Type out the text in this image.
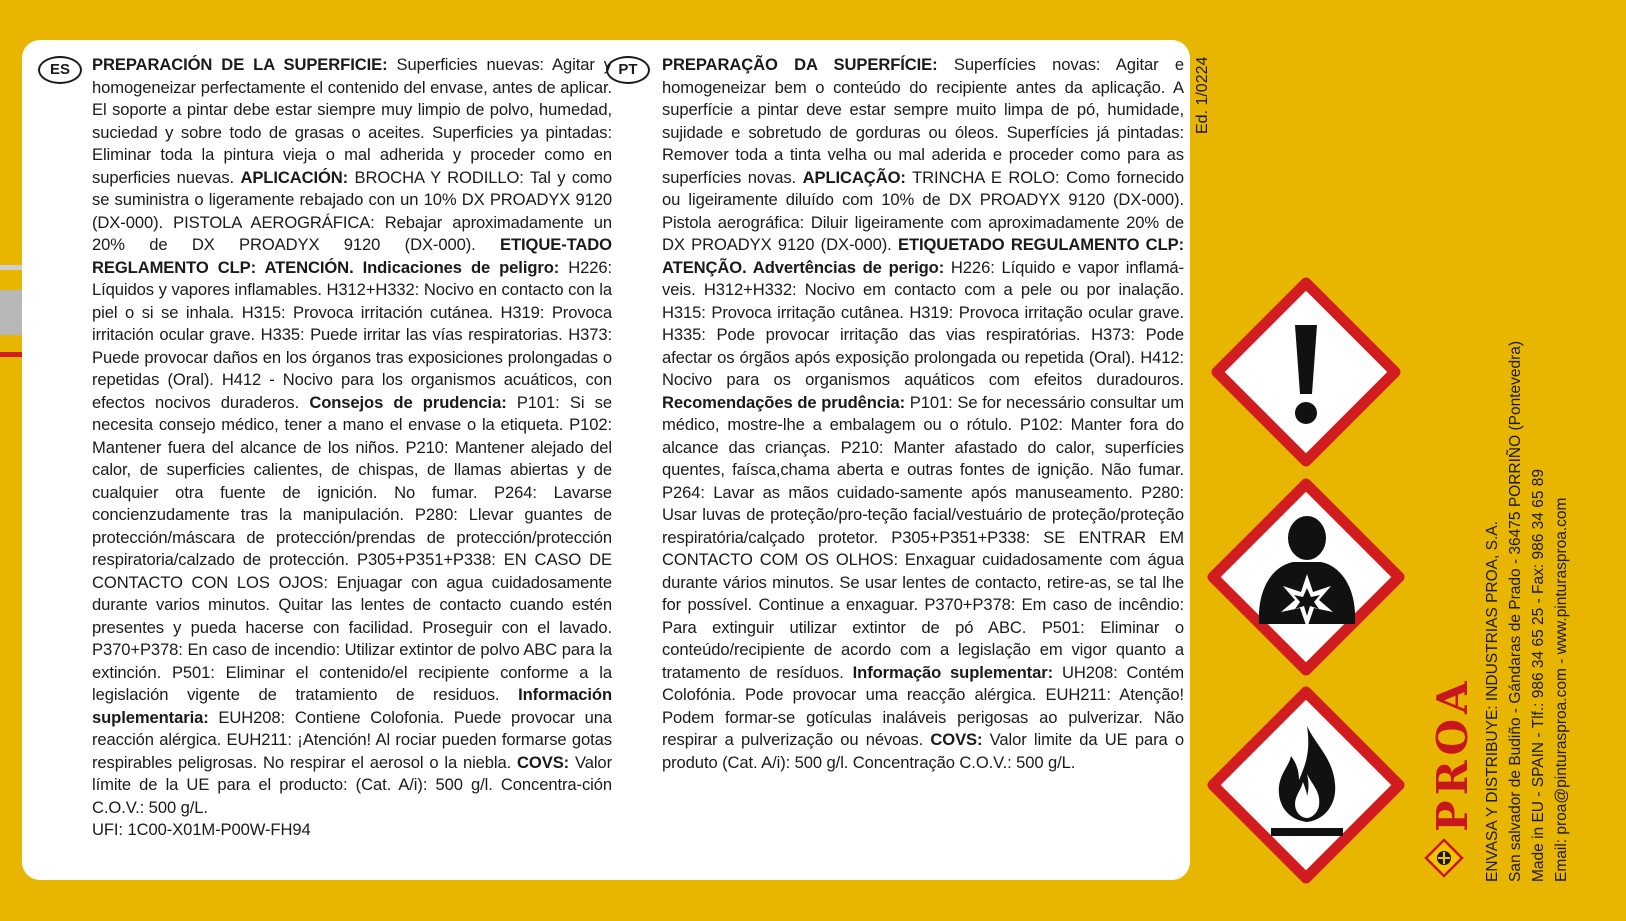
ES	PREPARACIÓN DE LA SUPERFICIE: Superficies nuevas: Agitar y homogeneizar perfectamente el contenido del envase, antes de aplicar. El soporte a pintar debe estar siempre muy limpio de polvo, humedad, suciedad y sobre todo de grasas o aceites. Superficies ya pintadas: Eliminar toda la pintura vieja o mal adherida y proceder como en superficies nuevas. APLICACIÓN: BROCHA Y RODILLO: Tal y como se suministra o ligeramente rebajado con un 10% DX PROADYX 9120 (DX-000). PISTOLA AEROGRÁFICA: Rebajar aproximadamente un 20% de DX PROADYX 9120 (DX-000). ETIQUE-TADO REGLAMENTO CLP: ATENCIÓN. Indicaciones de peligro: H226: Líquidos y vapores inflamables. H312+H332: Nocivo en contacto con la piel o si se inhala. H315: Provoca irritación cutánea. H319: Provoca irritación ocular grave. H335: Puede irritar las vías respiratorias. H373: Puede provocar daños en los órganos tras exposiciones prolongadas o repetidas (Oral). H412 - Nocivo para los organismos acuáticos, con efectos nocivos duraderos. Consejos de prudencia: P101: Si se necesita consejo médico, tener a mano el envase o la etiqueta. P102: Mantener fuera del alcance de los niños. P210: Mantener alejado del calor, de superficies calientes, de chispas, de llamas abiertas y de cualquier otra fuente de ignición. No fumar. P264: Lavarse concienzudamente tras la manipulación. P280: Llevar guantes de protección/máscara de protección/prendas de protección/protección respiratoria/calzado de protección. P305+P351+P338: EN CASO DE CONTACTO CON LOS OJOS: Enjuagar con agua cuidadosamente durante varios minutos. Quitar las lentes de contacto cuando estén presentes y pueda hacerse con facilidad. Proseguir con el lavado. P370+P378: En caso de incendio: Utilizar extintor de polvo ABC para la extinción. P501: Eliminar el contenido/el recipiente conforme a la legislación vigente de tratamiento de residuos. Información suplementaria: EUH208: Contiene Colofonia. Puede provocar una reacción alérgica. EUH211: ¡Atención! Al rociar pueden formarse gotas respirables peligrosas. No respirar el aerosol o la niebla. COVS: Valor límite de la UE para el producto: (Cat. A/i): 500 g/l. Concentra-ción C.O.V.: 500 g/L.
UFI: 1C00-X01M-P00W-FH94
PT	PREPARAÇÃO DA SUPERFÍCIE: Superfícies novas: Agitar e homogeneizar bem o conteúdo do recipiente antes da aplicação. A superfície a pintar deve estar sempre muito limpa de pó, humidade, sujidade e sobretudo de gorduras ou óleos. Superfícies já pintadas: Remover toda a tinta velha ou mal aderida e proceder como para as superfícies novas. APLICAÇÃO: TRINCHA E ROLO: Como fornecido ou ligeiramente diluído com 10% de DX PROADYX 9120 (DX-000). Pistola aerográfica: Diluir ligeiramente com aproximadamente 20% de DX PROADYX 9120 (DX-000). ETIQUETADO REGULAMENTO CLP: ATENÇÃO. Advertências de perigo: H226: Líquido e vapor inflamá-veis. H312+H332: Nocivo em contacto com a pele ou por inalação. H315: Provoca irritação cutânea. H319: Provoca irritação ocular grave. H335: Pode provocar irritação das vias respiratórias. H373: Pode afectar os órgãos após exposição prolongada ou repetida (Oral). H412: Nocivo para os organismos aquáticos com efeitos duradouros. Recomendações de prudência: P101: Se for necessário consultar um médico, mostre-lhe a embalagem ou o rótulo. P102: Manter fora do alcance das crianças. P210: Manter afastado do calor, superfícies quentes, faísca,chama aberta e outras fontes de ignição. Não fumar. P264: Lavar as mãos cuidado-samente após manuseamento. P280: Usar luvas de proteção/pro-teção facial/vestuário de proteção/proteção respiratória/calçado protetor. P305+P351+P338: SE ENTRAR EM CONTACTO COM OS OLHOS: Enxaguar cuidadosamente com água durante vários minutos. Se usar lentes de contacto, retire-as, se tal lhe for possível. Continue a enxaguar. P370+P378: Em caso de incêndio: Para extinguir utilizar extintor de pó ABC. P501: Eliminar o conteúdo/recipiente de acordo com a legislação em vigor quanto a tratamento de resíduos. Informação suplementar: UH208: Contém Colofónia. Pode provocar uma reacção alérgica. EUH211: Atenção! Podem formar-se gotículas inaláveis perigosas ao pulverizar. Não respirar a pulverização ou névoas. COVS: Valor limite da UE para o produto (Cat. A/i): 500 g/l. Concentração C.O.V.: 500 g/L.
Ed. 1/0224
PROA ENVASA Y DISTRIBUYE: INDUSTRIAS PROA, S.A. San salvador de Budiño - Gándaras de Prado - 36475 PORRIÑO (Pontevedra) Made in EU - SPAIN - Tlf.: 986 34 65 25 - Fax: 986 34 65 89 Email: proa@pinturasproa.com - www.pinturasproa.com
